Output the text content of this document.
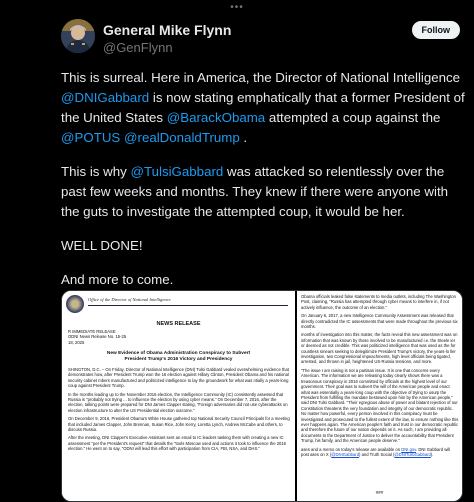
•••
General Mike Flynn
@GenFlynn
Follow

This is surreal. Here in America, the Director of National Intelligence @DNIGabbard is now stating emphatically that a former President of the United States @BarackObama attempted a coup against the @POTUS @realDonaldTrump .

This is why @TulsiGabbard was attacked so relentlessly over the past few weeks and months. They knew if there were anyone with the guts to investigate the attempted coup, it would be her.

WELL DONE!

And more to come.

Office of the Director of National Intelligence
NEWS RELEASE
R IMMEDIATE RELEASE
ODNI News Release No. 15-25
18, 2025
New Evidence of Obama Administration Conspiracy to Subvert
President Trump's 2016 Victory and Presidency

SHINGTON, D.C. – On Friday, Director of National Intelligence (DNI) Tulsi Gabbard vealed overwhelming evidence that demonstrates how, after President Trump won the 16 election against Hillary Clinton, President Obama and his national security cabinet mbers manufactured and politicized intelligence to lay the groundwork for what was ntially a years-long coup against President Trump.

In the months leading up to the November 2016 election, the Intelligence Community (IC) consistently assessed that Russia is "probably not trying ... to influence the election by using cyber means." On December 7, 2016, after the election, talking points were prepared for DNI James Clapper stating, "Foreign adversaries did not use cyberattacks on election infrastructure to alter the US Presidential election outcome."

On December 9, 2016, President Obama's White House gathered top National Security Council Principals for a meeting that included James Clapper, John Brennan, Susan Rice, John Kerry, Loretta Lynch, Andrew McCabe and others, to discuss Russia.

After the meeting, DNI Clapper's Executive Assistant sent an email to IC leaders tasking them with creating a new IC assessment "per the President's request" that details the "tools Moscow used and actions it took to influence the 2016 election." He went on to say, "ODNI will lead this effort with participation from CIA, FBI, NSA, and DHS."

Obama officials leaked false statements to media outlets, including The Washington Post, claiming, "Russia has attempted through cyber means to interfere in, if not actively influence, the outcome of an election."

On January 6, 2017, a new Intelligence Community Assessment was released that directly contradicted the IC assessments that were made throughout the previous six months.

months of investigation into this matter, the facts reveal this new assessment was on information that was known by those involved to be manufactured i.e. the Steele ier or deemed as not credible. This was politicized intelligence that was used as the for countless smears seeking to delegitimize President Trump's victory, the years-lo ller investigation, two Congressional impeachments, high level officials being tigated, arrested, and thrown in jail, heightened US-Russia tensions, and more.

"The issue I am raising is not a partisan issue. It is one that concerns every American. The information we are releasing today clearly shows there was a treasonous conspiracy in 2016 committed by officials at the highest level of our government. Their goal was to subvert the will of the American people and enact what was essentially a years-long coup with the objective of trying to usurp the President from fulfilling the mandate bestowed upon him by the American people," said DNI Tulsi Gabbard. "Their egregious abuse of power and blatant rejection of our Constitution threatens the very foundation and integrity of our democratic republic. No matter how powerful, every person involved in this conspiracy must be investigated and prosecuted to the fullest extent of the law, to ensure nothing like this ever happens again. The American people's faith and trust in our democratic republic and therefore the future of our nation depends on it. As such, I am providing all documents to the Department of Justice to deliver the accountability that President Trump, his family, and the American people deserve."

ases and a memo on today's release are available on DNI.gov. DNI Gabbard will post ases on X (@DNIGabbard) and Truth Social (@DNITulsiGabbard).

###
